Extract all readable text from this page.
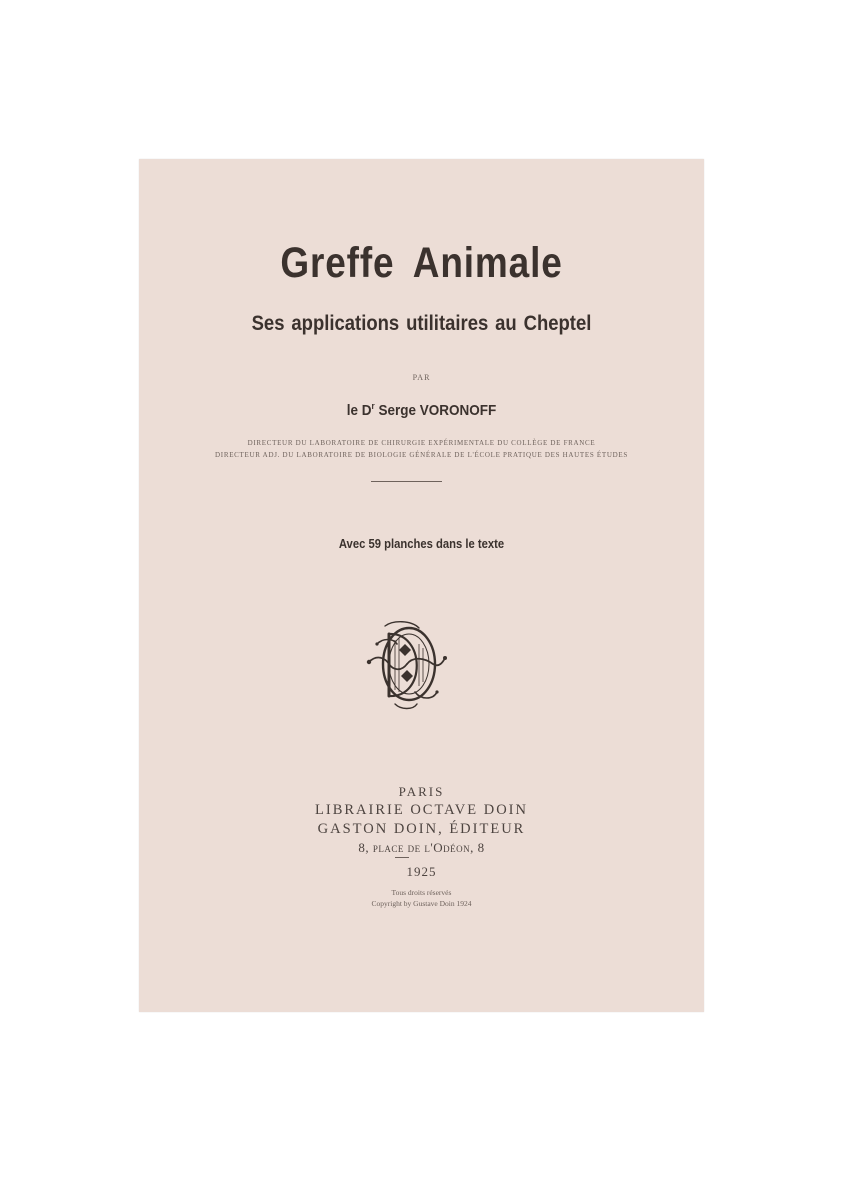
Greffe Animale
Ses applications utilitaires au Cheptel
PAR
le $D^r$ Serge VORONOFF
DIRECTEUR DU LABORATOIRE DE CHIRURGIE EXPÉRIMENTALE DU COLLÈGE DE FRANCE
DIRECTEUR ADJ. DU LABORATOIRE DE BIOLOGIE GÉNÉRALE DE L'ÉCOLE PRATIQUE DES HAUTES ÉTUDES
Avec 59 planches dans le texte
PARIS
LIBRAIRIE OCTAVE DOIN
GASTON DOIN, ÉDITEUR
8, place de l'Odéon, 8
1925
Tous droits réservés
Copyright by Gustave Doin 1924
